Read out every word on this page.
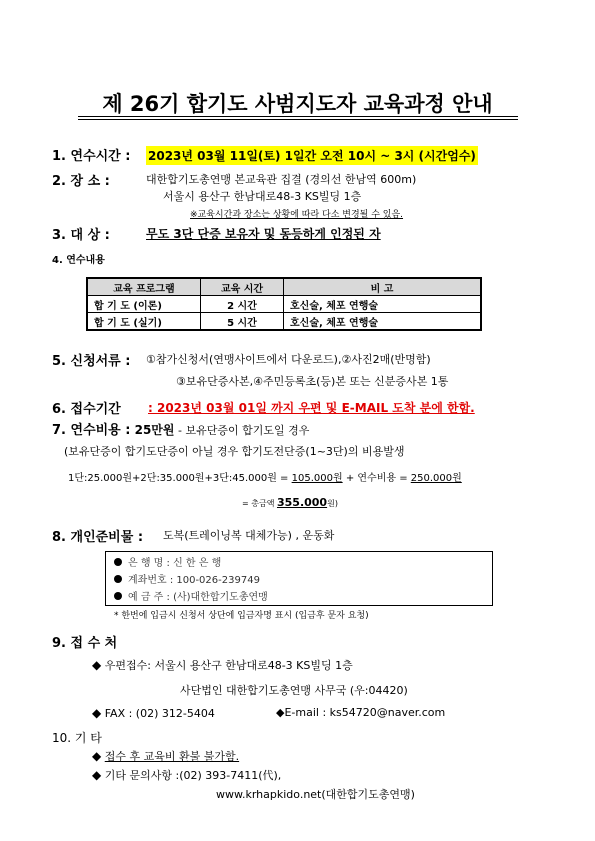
제 26기 합기도 사범지도자 교육과정 안내
1. 연수시간 : 2023년 03월 11일(토) 1일간 오전 10시 ~ 3시 (시간엄수)
2. 장 소 :	대한합기도총연맹 본교육관 집결 (경의선 한남역 600m)
서울시 용산구 한남대로48-3 KS빌딩 1층
※교육시간과 장소는 상황에 따라 다소 변경될 수 있음.
3. 대 상 :	무도 3단 단증 보유자 및 동등하게 인정된 자
4. 연수내용
교육 프로그램	교육 시간	비 고
합 기 도 (이론)	2 시간	호신술, 체포 연행술
합 기 도 (실기)	5 시간	호신술, 체포 연행술
5. 신청서류 : ①참가신청서(연맹사이트에서 다운로드),②사진2매(반명함)
③보유단증사본,④주민등록초(등)본 또는 신분증사본 1통
6. 접수기간 : 2023년 03월 01일 까지 우편 및 E-MAIL 도착 분에 한함.
7. 연수비용 : 25만원 - 보유단증이 합기도일 경우
(보유단증이 합기도단증이 아닐 경우 합기도전단증(1~3단)의 비용발생
1단:25.000원+2단:35.000원+3단:45.000원 = 105.000원 + 연수비용 = 250.000원
= 총금액 355.000원)
8. 개인준비물 : 도복(트레이닝복 대체가능) , 운동화
은 행 명 : 신 한 은 행
계좌번호 : 100-026-239749
예 금 주 : (사)대한합기도총연맹
* 한번에 입금시 신청서 상단에 입금자명 표시 (입금후 문자 요청)
9. 접 수 처
◆ 우편접수: 서울시 용산구 한남대로48-3 KS빌딩 1층
사단법인 대한합기도총연맹 사무국 (우:04420)
◆ FAX : (02) 312-5404	◆E-mail : ks54720@naver.com
10. 기 타
◆ 접수 후 교육비 환불 불가함.
◆ 기타 문의사항 :(02) 393-7411(代),
www.krhapkido.net(대한합기도총연맹)
